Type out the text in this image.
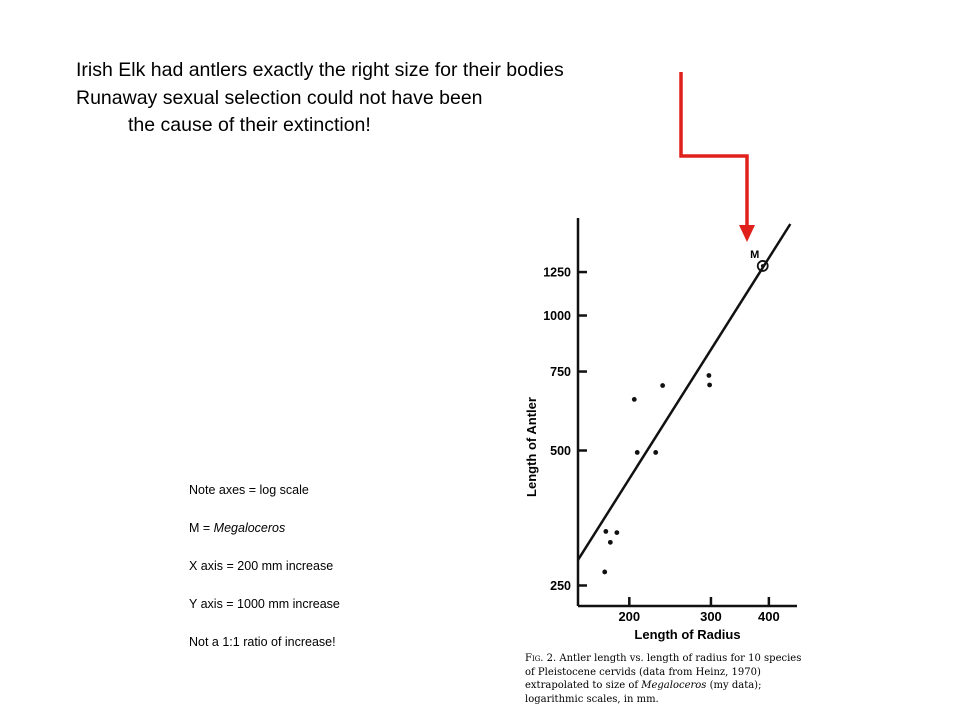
Irish Elk had antlers exactly the right size for their bodies
Runaway sexual selection could not have been
the cause of their extinction!

Note axes = log scale

M = Megaloceros

X axis = 200 mm increase

Y axis = 1000 mm increase

Not a 1:1 ratio of increase!

250
500
750
1000
1250
200	300	400
Length of Radius
Length of Antler
M
Fig. 2. Antler length vs. length of radius for 10 species of Pleistocene cervids (data from Heinz, 1970) extrapolated to size of Megaloceros (my data); logarithmic scales, in mm.
